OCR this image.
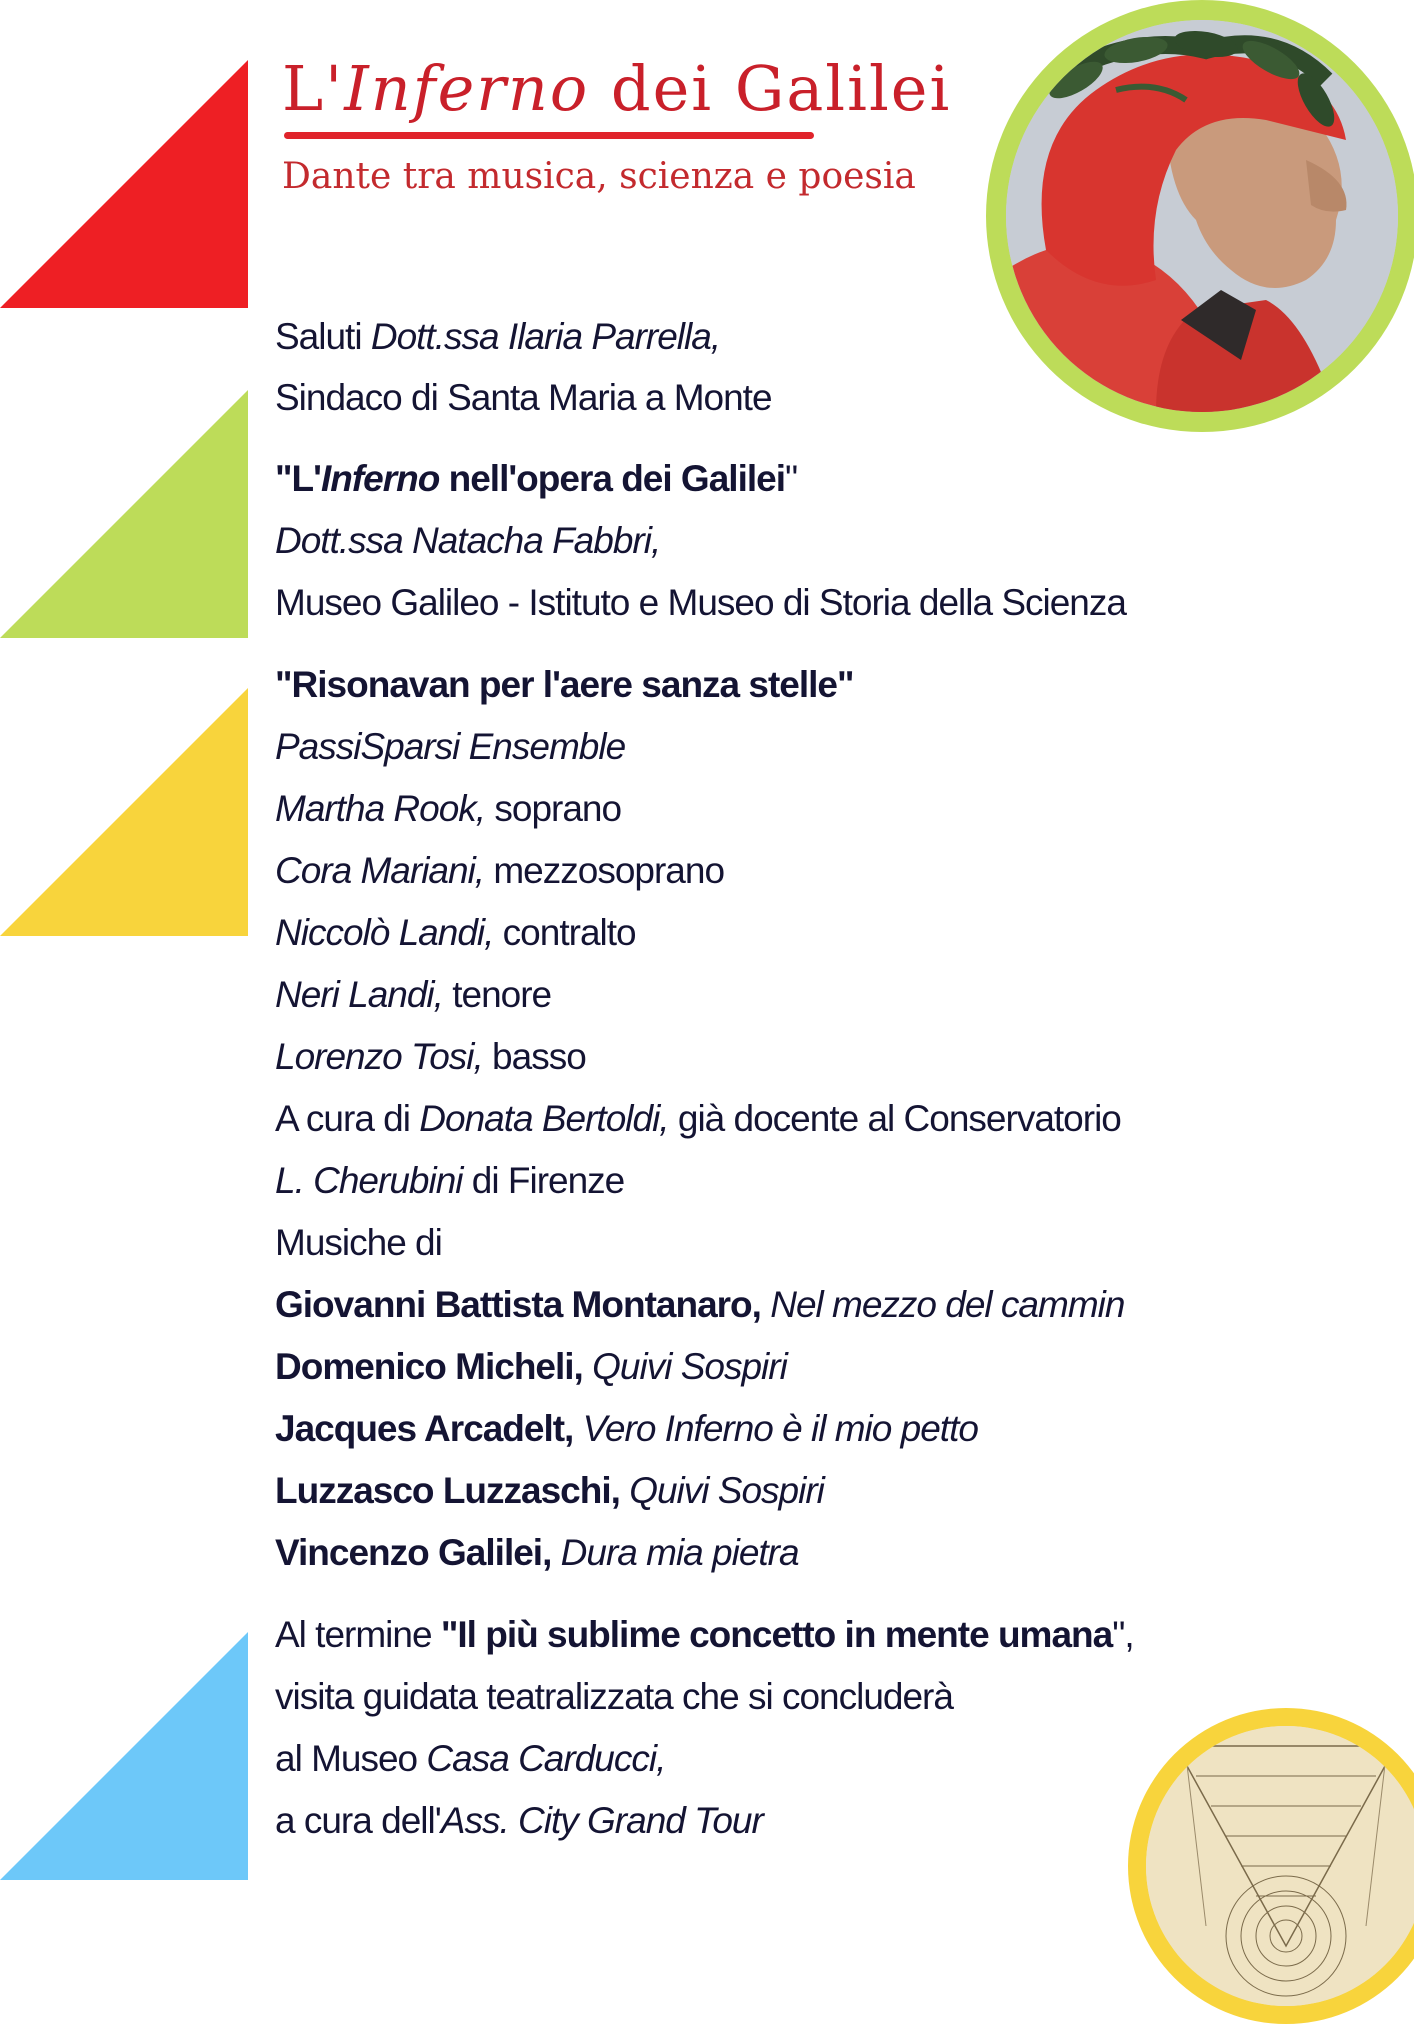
L'Inferno dei Galilei

Dante tra musica, scienza e poesia

Saluti Dott.ssa Ilaria Parrella,
Sindaco di Santa Maria a Monte
"L'Inferno nell'opera dei Galilei"
Dott.ssa Natacha Fabbri,
Museo Galileo - Istituto e Museo di Storia della Scienza
"Risonavan per l'aere sanza stelle"
PassiSparsi Ensemble
Martha Rook, soprano
Cora Mariani, mezzosoprano
Niccolò Landi, contralto
Neri Landi, tenore
Lorenzo Tosi, basso
A cura di Donata Bertoldi, già docente al Conservatorio
L. Cherubini di Firenze
Musiche di
Giovanni Battista Montanaro, Nel mezzo del cammin
Domenico Micheli, Quivi Sospiri
Jacques Arcadelt, Vero Inferno è il mio petto
Luzzasco Luzzaschi, Quivi Sospiri
Vincenzo Galilei, Dura mia pietra
Al termine "Il più sublime concetto in mente umana",
visita guidata teatralizzata che si concluderà
al Museo Casa Carducci,
a cura dell'Ass. City Grand Tour
